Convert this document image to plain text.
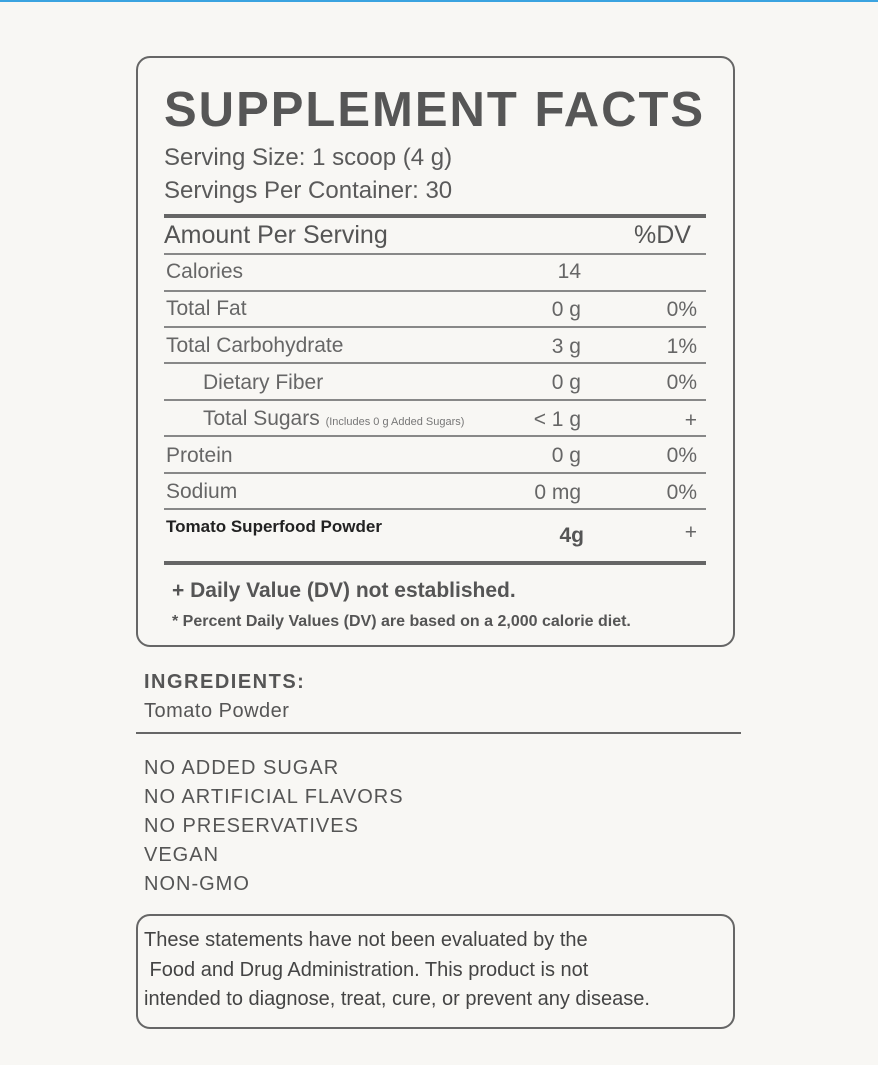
SUPPLEMENT FACTS
Serving Size: 1 scoop (4 g)
Servings Per Container: 30
Amount Per Serving	%DV
Calories	14
Total Fat	0 g	0%
Total Carbohydrate	3 g	1%
Dietary Fiber	0 g	0%
Total Sugars (Includes 0 g Added Sugars)	< 1 g	+
Protein	0 g	0%
Sodium	0 mg	0%
Tomato Superfood Powder	4g	+
+ Daily Value (DV) not established.
* Percent Daily Values (DV) are based on a 2,000 calorie diet.
INGREDIENTS:
Tomato Powder
NO ADDED SUGAR
NO ARTIFICIAL FLAVORS
NO PRESERVATIVES
VEGAN
NON-GMO
These statements have not been evaluated by the
Food and Drug Administration. This product is not
intended to diagnose, treat, cure, or prevent any disease.
